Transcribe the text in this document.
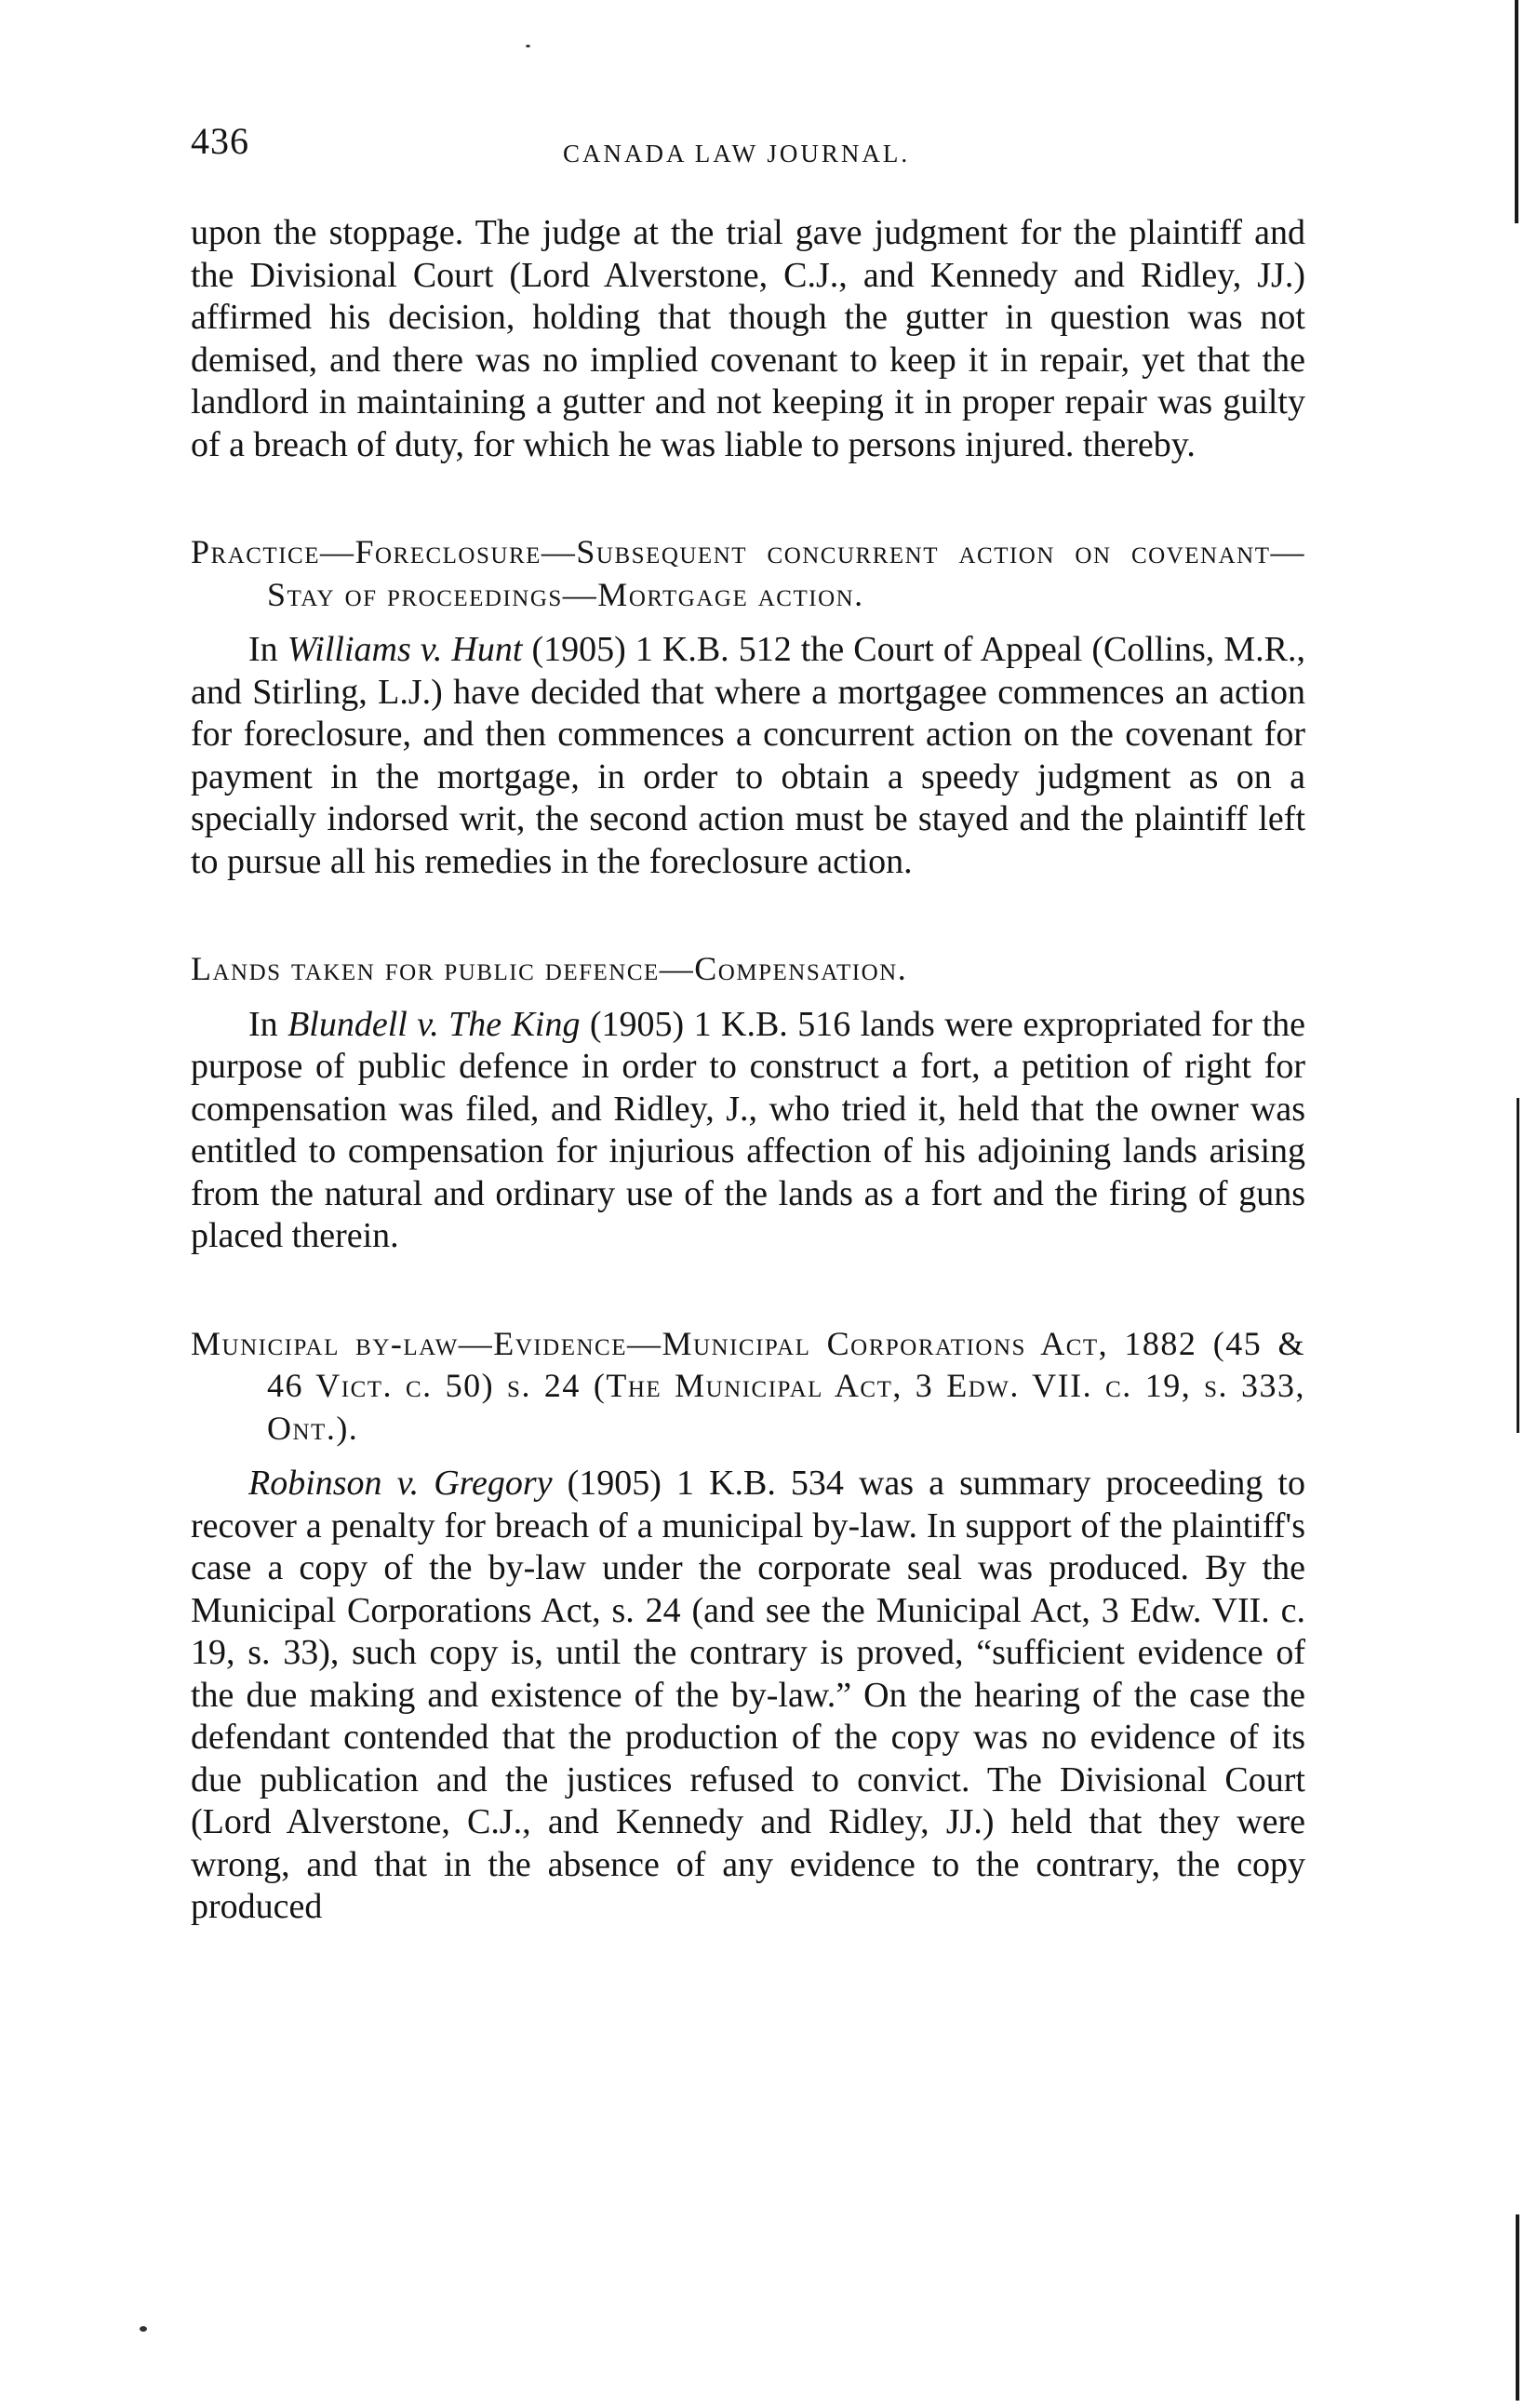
436	CANADA LAW JOURNAL.

upon the stoppage. The judge at the trial gave judgment for the plaintiff and the Divisional Court (Lord Alverstone, C.J., and Kennedy and Ridley, JJ.) affirmed his decision, holding that though the gutter in question was not demised, and there was no implied covenant to keep it in repair, yet that the landlord in maintaining a gutter and not keeping it in proper repair was guilty of a breach of duty, for which he was liable to persons injured. thereby.

Practice—Foreclosure—Subsequent concurrent action on covenant—Stay of proceedings—Mortgage action.

In Williams v. Hunt (1905) 1 K.B. 512 the Court of Appeal (Collins, M.R., and Stirling, L.J.) have decided that where a mortgagee commences an action for foreclosure, and then commences a concurrent action on the covenant for payment in the mortgage, in order to obtain a speedy judgment as on a specially indorsed writ, the second action must be stayed and the plaintiff left to pursue all his remedies in the foreclosure action.

Lands taken for public defence—Compensation.

In Blundell v. The King (1905) 1 K.B. 516 lands were expropriated for the purpose of public defence in order to construct a fort, a petition of right for compensation was filed, and Ridley, J., who tried it, held that the owner was entitled to compensation for injurious affection of his adjoining lands arising from the natural and ordinary use of the lands as a fort and the firing of guns placed therein.

Municipal by-law—Evidence—Municipal Corporations Act, 1882 (45 & 46 Vict. c. 50) s. 24 (The Municipal Act, 3 Edw. VII. c. 19, s. 333, Ont.).

Robinson v. Gregory (1905) 1 K.B. 534 was a summary proceeding to recover a penalty for breach of a municipal by-law. In support of the plaintiff's case a copy of the by-law under the corporate seal was produced. By the Municipal Corporations Act, s. 24 (and see the Municipal Act, 3 Edw. VII. c. 19, s. 33), such copy is, until the contrary is proved, “sufficient evidence of the due making and existence of the by-law.” On the hearing of the case the defendant contended that the production of the copy was no evidence of its due publication and the justices refused to convict. The Divisional Court (Lord Alverstone, C.J., and Kennedy and Ridley, JJ.) held that they were wrong, and that in the absence of any evidence to the contrary, the copy produced
